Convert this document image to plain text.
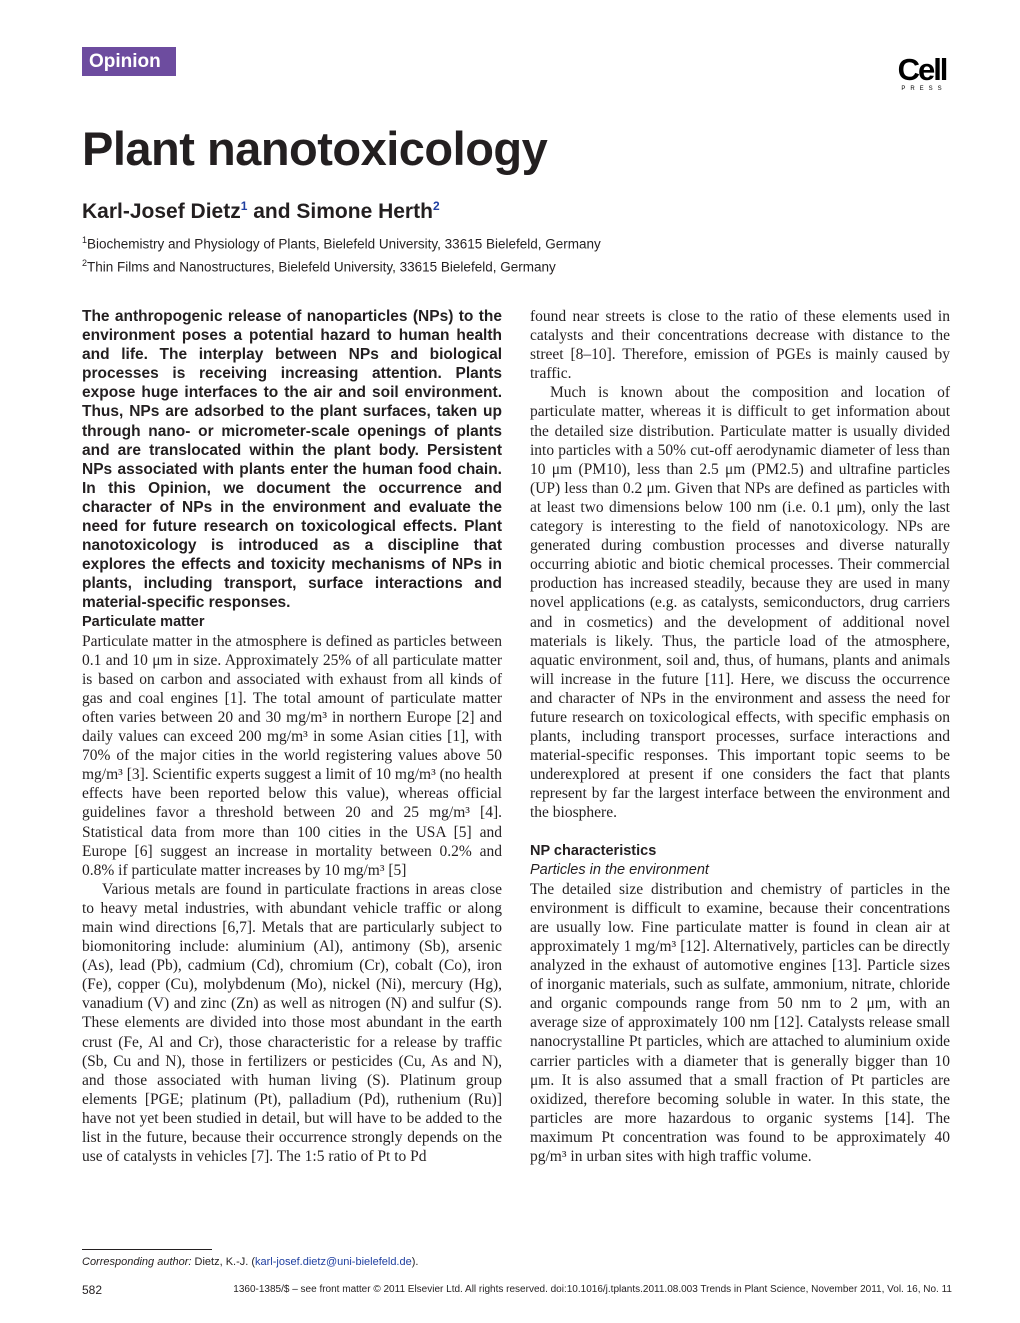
Opinion	Cell
PRESS
Plant nanotoxicology
Karl-Josef Dietz$^1$ and Simone Herth$^2$
$^1$Biochemistry and Physiology of Plants, Bielefeld University, 33615 Bielefeld, Germany
$^2$Thin Films and Nanostructures, Bielefeld University, 33615 Bielefeld, Germany

The anthropogenic release of nanoparticles (NPs) to the environment poses a potential hazard to human health and life. The interplay between NPs and biological processes is receiving increasing attention. Plants expose huge interfaces to the air and soil environment. Thus, NPs are adsorbed to the plant surfaces, taken up through nano- or micrometer-scale openings of plants and are translocated within the plant body. Persistent NPs associated with plants enter the human food chain. In this Opinion, we document the occurrence and character of NPs in the environment and evaluate the need for future research on toxicological effects. Plant nanotoxicology is introduced as a discipline that explores the effects and toxicity mechanisms of NPs in plants, including transport, surface interactions and material-specific responses.

Particulate matter

Particulate matter in the atmosphere is defined as particles between 0.1 and 10 μm in size. Approximately 25% of all particulate matter is based on carbon and associated with exhaust from all kinds of gas and coal engines [1]. The total amount of particulate matter often varies between 20 and 30 mg/m³ in northern Europe [2] and daily values can exceed 200 mg/m³ in some Asian cities [1], with 70% of the major cities in the world registering values above 50 mg/m³ [3]. Scientific experts suggest a limit of 10 mg/m³ (no health effects have been reported below this value), whereas official guidelines favor a threshold between 20 and 25 mg/m³ [4]. Statistical data from more than 100 cities in the USA [5] and Europe [6] suggest an increase in mortality between 0.2% and 0.8% if particulate matter increases by 10 mg/m³ [5]

Various metals are found in particulate fractions in areas close to heavy metal industries, with abundant vehicle traffic or along main wind directions [6,7]. Metals that are particularly subject to biomonitoring include: aluminium (Al), antimony (Sb), arsenic (As), lead (Pb), cadmium (Cd), chromium (Cr), cobalt (Co), iron (Fe), copper (Cu), molybdenum (Mo), nickel (Ni), mercury (Hg), vanadium (V) and zinc (Zn) as well as nitrogen (N) and sulfur (S). These elements are divided into those most abundant in the earth crust (Fe, Al and Cr), those characteristic for a release by traffic (Sb, Cu and N), those in fertilizers or pesticides (Cu, As and N), and those associated with human living (S). Platinum group elements [PGE; platinum (Pt), palladium (Pd), ruthenium (Ru)] have not yet been studied in detail, but will have to be added to the list in the future, because their occurrence strongly depends on the use of catalysts in vehicles [7]. The 1:5 ratio of Pt to Pd

found near streets is close to the ratio of these elements used in catalysts and their concentrations decrease with distance to the street [8–10]. Therefore, emission of PGEs is mainly caused by traffic.

Much is known about the composition and location of particulate matter, whereas it is difficult to get information about the detailed size distribution. Particulate matter is usually divided into particles with a 50% cut-off aerodynamic diameter of less than 10 μm (PM10), less than 2.5 μm (PM2.5) and ultrafine particles (UP) less than 0.2 μm. Given that NPs are defined as particles with at least two dimensions below 100 nm (i.e. 0.1 μm), only the last category is interesting to the field of nanotoxicology. NPs are generated during combustion processes and diverse naturally occurring abiotic and biotic chemical processes. Their commercial production has increased steadily, because they are used in many novel applications (e.g. as catalysts, semiconductors, drug carriers and in cosmetics) and the development of additional novel materials is likely. Thus, the particle load of the atmosphere, aquatic environment, soil and, thus, of humans, plants and animals will increase in the future [11]. Here, we discuss the occurrence and character of NPs in the environment and assess the need for future research on toxicological effects, with specific emphasis on plants, including transport processes, surface interactions and material-specific responses. This important topic seems to be underexplored at present if one considers the fact that plants represent by far the largest interface between the environment and the biosphere.

NP characteristics
Particles in the environment

The detailed size distribution and chemistry of particles in the environment is difficult to examine, because their concentrations are usually low. Fine particulate matter is found in clean air at approximately 1 mg/m³ [12]. Alternatively, particles can be directly analyzed in the exhaust of automotive engines [13]. Particle sizes of inorganic materials, such as sulfate, ammonium, nitrate, chloride and organic compounds range from 50 nm to 2 μm, with an average size of approximately 100 nm [12]. Catalysts release small nanocrystalline Pt particles, which are attached to aluminium oxide carrier particles with a diameter that is generally bigger than 10 μm. It is also assumed that a small fraction of Pt particles are oxidized, therefore becoming soluble in water. In this state, the particles are more hazardous to organic systems [14]. The maximum Pt concentration was found to be approximately 40 pg/m³ in urban sites with high traffic volume.

Corresponding author: Dietz, K.-J. (karl-josef.dietz@uni-bielefeld.de).
582	1360-1385/$ – see front matter © 2011 Elsevier Ltd. All rights reserved. doi:10.1016/j.tplants.2011.08.003 Trends in Plant Science, November 2011, Vol. 16, No. 11
